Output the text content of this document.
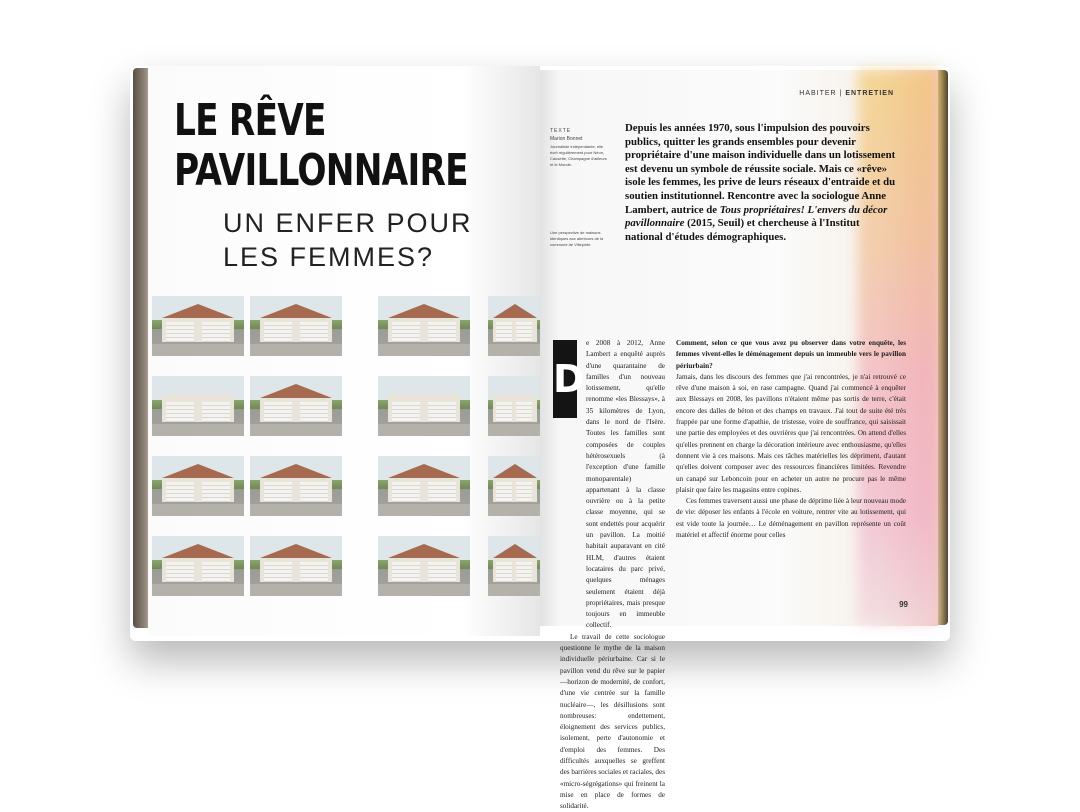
LE RÊVE
PAVILLONNAIRE
UN ENFER POUR
LES FEMMES?
HABITER | ENTRETIEN
TEXTE
Marion Bonnet
Journaliste indépendante, elle écrit régulièrement pour Néon, Causette, Champagne d'ailleurs et le Monde.
Une perspective de maisons identiques aux alentours de la commune de Villepinte.

Depuis les années 1970, sous l'impulsion des pouvoirs publics, quitter les grands ensembles pour devenir propriétaire d'une maison individuelle dans un lotissement est devenu un symbole de réussite sociale. Mais ce «rêve» isole les femmes, les prive de leurs réseaux d'entraide et du soutien institutionnel. Rencontre avec la sociologue Anne Lambert, autrice de Tous propriétaires! L'envers du décor pavillonnaire (2015, Seuil) et chercheuse à l'Institut national d'études démographiques.

D

e 2008 à 2012, Anne Lambert a enquêté auprès d'une quarantaine de familles d'un nouveau lotissement, qu'elle renomme «les Blessays», à 35 kilomètres de Lyon, dans le nord de l'Isère. Toutes les familles sont composées de couples hétérosexuels (à l'exception d'une famille monoparentale) appartenant à la classe ouvrière ou à la petite classe moyenne, qui se sont endettés pour acquérir un pavillon. La moitié habitait auparavant en cité HLM, d'autres étaient locataires du parc privé, quelques ménages seulement étaient déjà propriétaires, mais presque toujours en immeuble collectif.

Le travail de cette sociologue questionne le mythe de la maison individuelle périurbaine. Car si le pavillon vend du rêve sur le papier —horizon de modernité, de confort, d'une vie centrée sur la famille nucléaire—, les désillusions sont nombreuses: endettement, éloignement des services publics, isolement, perte d'autonomie et d'emploi des femmes. Des difficultés auxquelles se greffent des barrières sociales et raciales, des «micro-ségrégations» qui freinent la mise en place de formes de solidarité.

Comment, selon ce que vous avez pu observer dans votre enquête, les femmes vivent-elles le déménagement depuis un immeuble vers le pavillon périurbain?

Jamais, dans les discours des femmes que j'ai rencontrées, je n'ai retrouvé ce rêve d'une maison à soi, en rase campagne. Quand j'ai commencé à enquêter aux Blessays en 2008, les pavillons n'étaient même pas sortis de terre, c'était encore des dalles de béton et des champs en travaux. J'ai tout de suite été très frappée par une forme d'apathie, de tristesse, voire de souffrance, qui saisissait une partie des employées et des ouvrières que j'ai rencontrées. On attend d'elles qu'elles prennent en charge la décoration intérieure avec enthousiasme, qu'elles donnent vie à ces maisons. Mais ces tâches matérielles les dépriment, d'autant qu'elles doivent composer avec des ressources financières limitées. Revendre un canapé sur Leboncoin pour en acheter un autre ne procure pas le même plaisir que faire les magasins entre copines.

Ces femmes traversent aussi une phase de déprime liée à leur nouveau mode de vie: déposer les enfants à l'école en voiture, rentrer vite au lotissement, qui est vide toute la journée… Le déménagement en pavillon représente un coût matériel et affectif énorme pour celles

99
